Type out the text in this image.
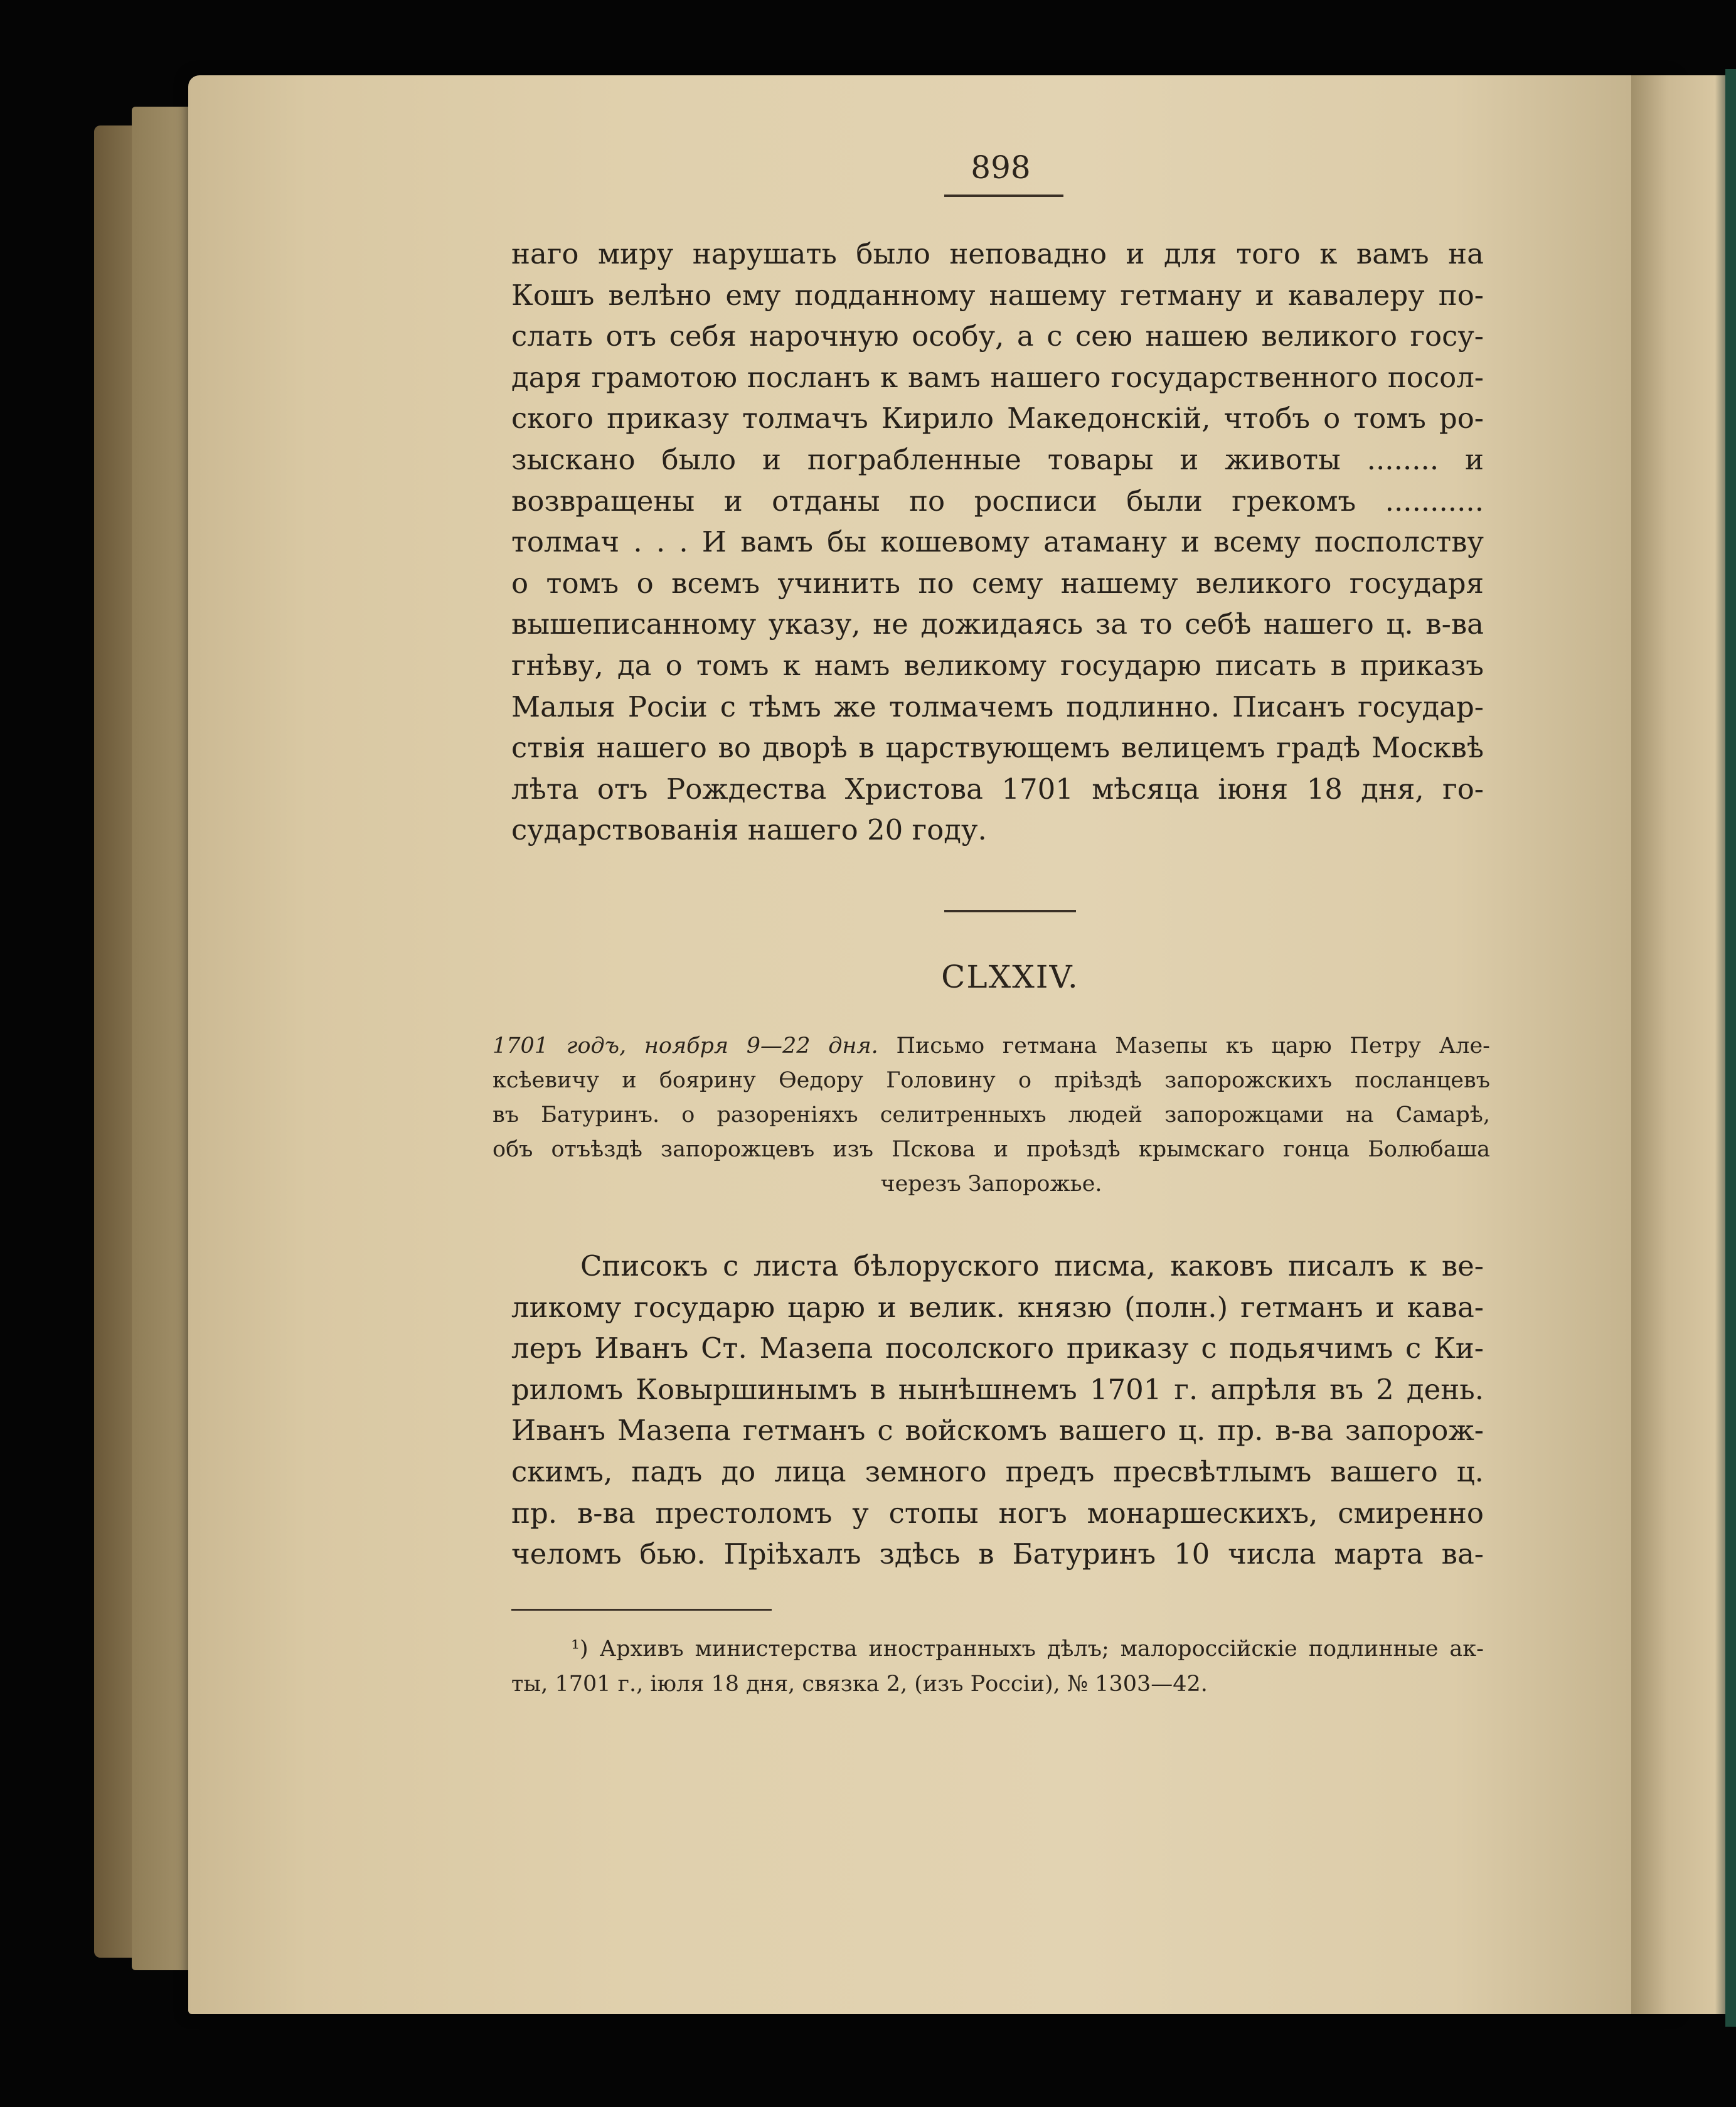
898
наго миру нарушать было неповадно и для того к вамъ на
Кошъ велѣно ему подданному нашему гетману и кавалеру по-
слать отъ себя нарочную особу, а с сею нашею великого госу-
даря грамотою посланъ к вамъ нашего государственного посол-
ского приказу толмачъ Кирило Македонскій, чтобъ о томъ ро-
зыскано было и пограбленные товары и животы ........ и
возвращены и отданы по росписи были грекомъ ...........
толмач . . . И вамъ бы кошевому атаману и всему посполству
о томъ о всемъ учинить по сему нашему великого государя
вышеписанному указу, не дожидаясь за то себѣ нашего ц. в-ва
гнѣву, да о томъ к намъ великому государю писать в приказъ
Малыя Росіи с тѣмъ же толмачемъ подлинно. Писанъ государ-
ствія нашего во дворѣ в царствующемъ велицемъ градѣ Москвѣ
лѣта отъ Рождества Христова 1701 мѣсяца іюня 18 дня, го-
сударствованія нашего 20 году.
CLXXIV.
1701 годъ, ноября 9—22 дня. Письмо гетмана Мазепы къ царю Петру Але-
ксѣевичу и боярину Ѳедору Головину о пріѣздѣ запорожскихъ посланцевъ
въ Батуринъ. о разореніяхъ селитренныхъ людей запорожцами на Самарѣ,
объ отъѣздѣ запорожцевъ изъ Пскова и проѣздѣ крымскаго гонца Болюбаша
черезъ Запорожье.
Списокъ с листа бѣлоруского писма, каковъ писалъ к ве-
ликому государю царю и велик. князю (полн.) гетманъ и кава-
леръ Иванъ Ст. Мазепа посолского приказу с подьячимъ с Ки-
риломъ Ковыршинымъ в нынѣшнемъ 1701 г. апрѣля въ 2 день.
Иванъ Мазепа гетманъ с войскомъ вашего ц. пр. в-ва запорож-
скимъ, падъ до лица земного предъ пресвѣтлымъ вашего ц.
пр. в-ва престоломъ у стопы ногъ монаршескихъ, смиренно
челомъ бью. Пріѣхалъ здѣсь в Батуринъ 10 числа марта ва-
¹) Архивъ министерства иностранныхъ дѣлъ; малороссійскіе подлинные ак-
ты, 1701 г., іюля 18 дня, связка 2, (изъ Россіи), № 1303—42.
